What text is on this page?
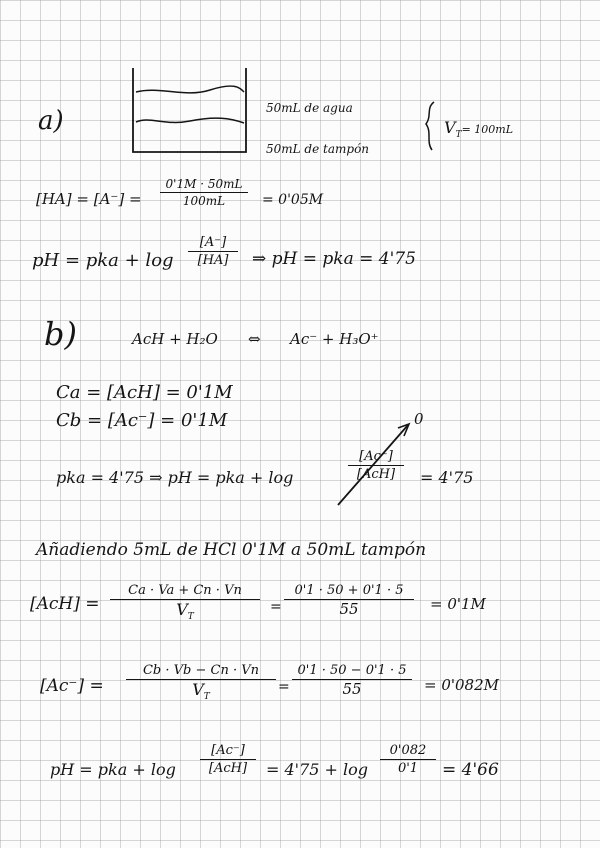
a)	50mL de agua
50mL de tampón
$V_T= 100mL$
[HA] = [A⁻] =
0'1M · 50mL
100mL	= 0'05M
pH = pka + log
[A⁻]
[HA] ⇒ pH = pka = 4'75
b)	AcH + H₂O ⇔ Ac⁻ + H₃O⁺
Ca = [AcH] = 0'1M
Cb = [Ac⁻] = 0'1M	0
pka = 4'75 ⇒ pH = pka + log
[Ac⁻]
[AcH] = 4'75
Añadiendo 5mL de HCl 0'1M a 50mL tampón
[AcH] =
Ca · Va + Cn · Vn
$V_T$
=
0'1 · 50 + 0'1 · 5
55	= 0'1M
[Ac⁻] =
Cb · Vb − Cn · Vn
$V_T$
=
0'1 · 50 − 0'1 · 5
55	= 0'082M
pH = pka + log
[Ac⁻]
[AcH] = 4'75 + log
0'082
0'1 = 4'66
